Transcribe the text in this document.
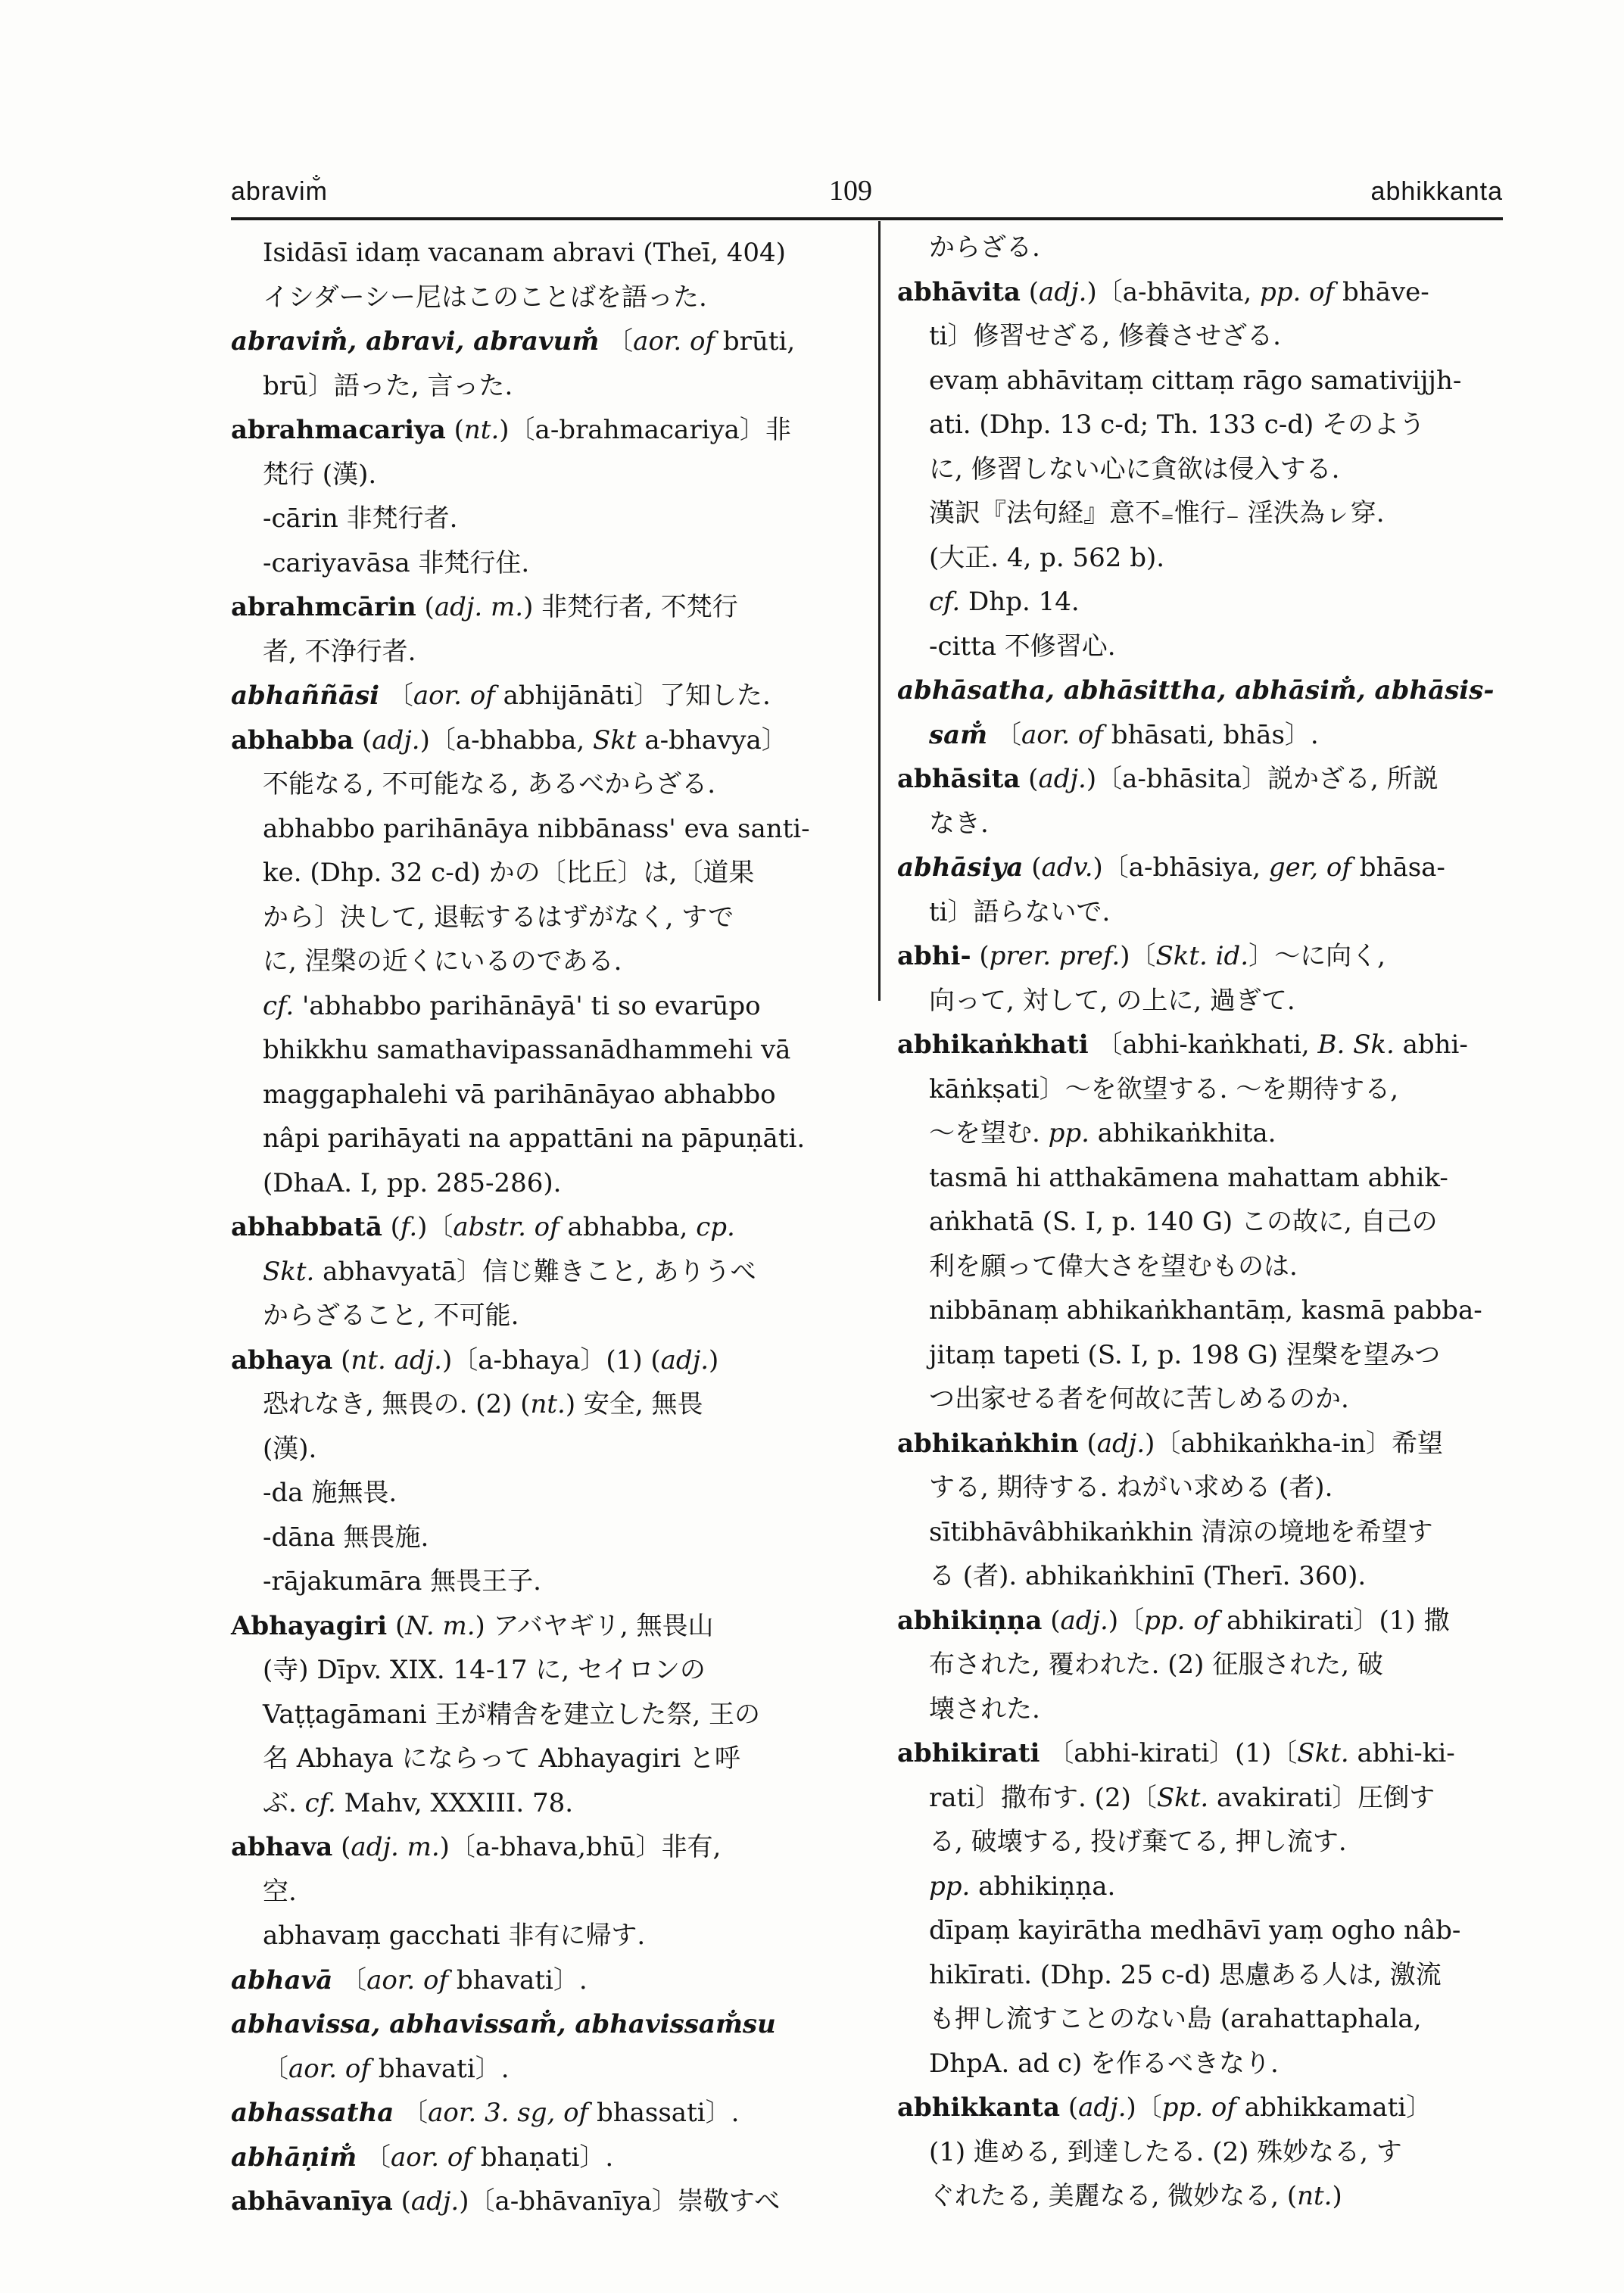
abravim̐	109	abhikkanta
Isidāsī idaṃ vacanam abravi (Theī, 404)
イシダーシー尼はこのことばを語った.
abravim̐, abravi, abravum̐ 〔aor. of brūti,
brū〕語った, 言った.
abrahmacariya (nt.)〔a-brahmacariya〕非
梵行 (漢).
-cārin 非梵行者.
-cariyavāsa 非梵行住.
abrahmcārin (adj. m.) 非梵行者, 不梵行
者, 不浄行者.
abhaññāsi 〔aor. of abhijānāti〕了知した.
abhabba (adj.)〔a-bhabba, Skt a-bhavya〕
不能なる, 不可能なる, あるべからざる.
abhabbo parihānāya nibbānass' eva santi-
ke. (Dhp. 32 c-d) かの〔比丘〕は,〔道果
から〕決して, 退転するはずがなく, すで
に, 涅槃の近くにいるのである.
cf. 'abhabbo parihānāyā' ti so evarūpo
bhikkhu samathavipassanādhammehi vā
maggaphalehi vā parihānāyao abhabbo
nâpi parihāyati na appattāni na pāpuṇāti.
(DhaA. I, pp. 285-286).
abhabbatā (f.)〔abstr. of abhabba, cp.
Skt. abhavyatā〕信じ難きこと, ありうべ
からざること, 不可能.
abhaya (nt. adj.)〔a-bhaya〕(1) (adj.)
恐れなき, 無畏の. (2) (nt.) 安全, 無畏
(漢).
-da 施無畏.
-dāna 無畏施.
-rājakumāra 無畏王子.
Abhayagiri (N. m.) アバヤギリ, 無畏山
(寺) Dīpv. XIX. 14-17 に, セイロンの
Vaṭṭagāmani 王が精舎を建立した祭, 王の
名 Abhaya にならって Abhayagiri と呼
ぶ. cf. Mahv, XXXIII. 78.
abhava (adj. m.)〔a-bhava,bhū〕非有,
空.
abhavaṃ gacchati 非有に帰す.
abhavā 〔aor. of bhavati〕.
abhavissa, abhavissam̐, abhavissam̐su
〔aor. of bhavati〕.
abhassatha 〔aor. 3. sg, of bhassati〕.
abhāṇim̐ 〔aor. of bhaṇati〕.
abhāvanīya (adj.)〔a-bhāvanīya〕崇敬すべ
からざる.
abhāvita (adj.)〔a-bhāvita, pp. of bhāve-
ti〕修習せざる, 修養させざる.
evaṃ abhāvitaṃ cittaṃ rāgo samativijjh-
ati. (Dhp. 13 c-d; Th. 133 c-d) そのよう
に, 修習しない心に貪欲は侵入する.
漢訳『法句経』意不₌惟行₋ 淫泆為ㇾ穿.
(大正. 4, p. 562 b).
cf. Dhp. 14.
-citta 不修習心.
abhāsatha, abhāsittha, abhāsim̐, abhāsis-
sam̐ 〔aor. of bhāsati, bhās〕.
abhāsita (adj.)〔a-bhāsita〕説かざる, 所説
なき.
abhāsiya (adv.)〔a-bhāsiya, ger, of bhāsa-
ti〕語らないで.
abhi- (prer. pref.)〔Skt. id.〕〜に向く,
向って, 対して, の上に, 過ぎて.
abhikaṅkhati 〔abhi-kaṅkhati, B. Sk. abhi-
kāṅkṣati〕〜を欲望する. 〜を期待する,
〜を望む. pp. abhikaṅkhita.
tasmā hi atthakāmena mahattam abhik-
aṅkhatā (S. I, p. 140 G) この故に, 自己の
利を願って偉大さを望むものは.
nibbānaṃ abhikaṅkhantāṃ, kasmā pabba-
jitaṃ tapeti (S. I, p. 198 G) 涅槃を望みつ
つ出家せる者を何故に苦しめるのか.
abhikaṅkhin (adj.)〔abhikaṅkha-in〕希望
する, 期待する. ねがい求める (者).
sītibhāvâbhikaṅkhin 清涼の境地を希望す
る (者). abhikaṅkhinī (Therī. 360).
abhikiṇṇa (adj.)〔pp. of abhikirati〕(1) 撒
布された, 覆われた. (2) 征服された, 破
壊された.
abhikirati 〔abhi-kirati〕(1)〔Skt. abhi-ki-
rati〕撒布す. (2)〔Skt. avakirati〕圧倒す
る, 破壊する, 投げ棄てる, 押し流す.
pp. abhikiṇṇa.
dīpaṃ kayirātha medhāvī yaṃ ogho nâb-
hikīrati. (Dhp. 25 c-d) 思慮ある人は, 激流
も押し流すことのない島 (arahattaphala,
DhpA. ad c) を作るべきなり.
abhikkanta (adj.)〔pp. of abhikkamati〕
(1) 進める, 到達したる. (2) 殊妙なる, す
ぐれたる, 美麗なる, 微妙なる, (nt.)
